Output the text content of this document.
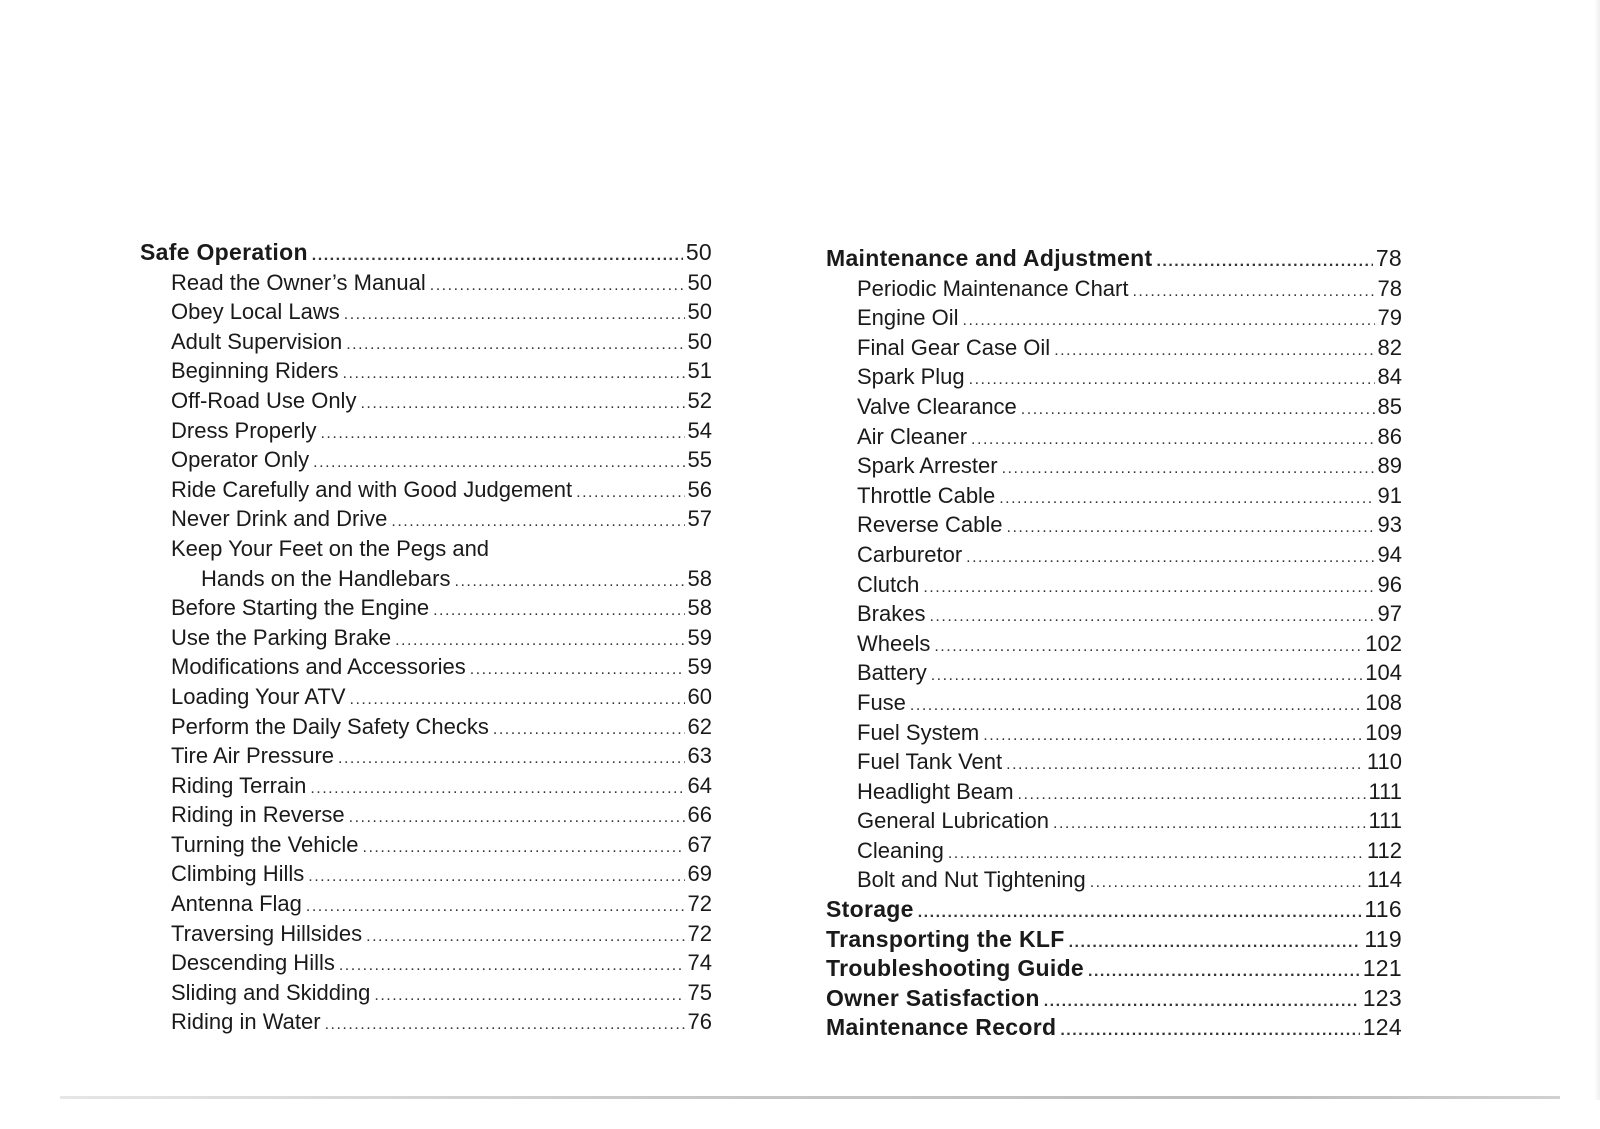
Safe Operation .....	50
Read the Owner’s Manual .....	50
Obey Local Laws .....	50
Adult Supervision .....	50
Beginning Riders .....	51
Off-Road Use Only .....	52
Dress Properly .....	54
Operator Only .....	55
Ride Carefully and with Good Judgement .....	56
Never Drink and Drive .....	57
Keep Your Feet on the Pegs and
Hands on the Handlebars .....	58
Before Starting the Engine .....	58
Use the Parking Brake .....	59
Modifications and Accessories .....	59
Loading Your ATV .....	60
Perform the Daily Safety Checks .....	62
Tire Air Pressure .....	63
Riding Terrain .....	64
Riding in Reverse .....	66
Turning the Vehicle .....	67
Climbing Hills .....	69
Antenna Flag .....	72
Traversing Hillsides .....	72
Descending Hills .....	74
Sliding and Skidding .....	75
Riding in Water .....	76
Maintenance and Adjustment .....	78
Periodic Maintenance Chart .....	78
Engine Oil .....	79
Final Gear Case Oil .....	82
Spark Plug .....	84
Valve Clearance .....	85
Air Cleaner .....	86
Spark Arrester .....	89
Throttle Cable .....	91
Reverse Cable .....	93
Carburetor .....	94
Clutch .....	96
Brakes .....	97
Wheels .....	102
Battery .....	104
Fuse .....	108
Fuel System .....	109
Fuel Tank Vent .....	110
Headlight Beam .....	111
General Lubrication .....	111
Cleaning .....	112
Bolt and Nut Tightening .....	114
Storage .....	116
Transporting the KLF .....	119
Troubleshooting Guide .....	121
Owner Satisfaction .....	123
Maintenance Record .....	124
